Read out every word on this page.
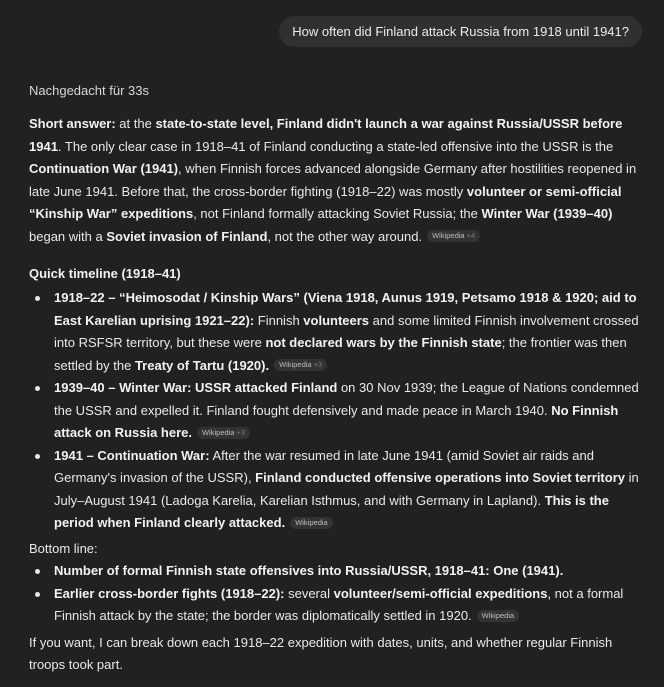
How often did Finland attack Russia from 1918 until 1941?
Nachgedacht für 33s

Short answer: at the state-to-state level, Finland didn't launch a war against Russia/USSR before 1941. The only clear case in 1918–41 of Finland conducting a state-led offensive into the USSR is the Continuation War (1941), when Finnish forces advanced alongside Germany after hostilities reopened in late June 1941. Before that, the cross-border fighting (1918–22) was mostly volunteer or semi-official “Kinship War” expeditions, not Finland formally attacking Soviet Russia; the Winter War (1939–40) began with a Soviet invasion of Finland, not the other way around. Wikipedia +4

Quick timeline (1918–41)
1918–22 – “Heimosodat / Kinship Wars” (Viena 1918, Aunus 1919, Petsamo 1918 & 1920; aid to East Karelian uprising 1921–22): Finnish volunteers and some limited Finnish involvement crossed into RSFSR territory, but these were not declared wars by the Finnish state; the frontier was then settled by the Treaty of Tartu (1920). Wikipedia +3
1939–40 – Winter War: USSR attacked Finland on 30 Nov 1939; the League of Nations condemned the USSR and expelled it. Finland fought defensively and made peace in March 1940. No Finnish attack on Russia here. Wikipedia +3
1941 – Continuation War: After the war resumed in late June 1941 (amid Soviet air raids and Germany's invasion of the USSR), Finland conducted offensive operations into Soviet territory in July–August 1941 (Ladoga Karelia, Karelian Isthmus, and with Germany in Lapland). This is the period when Finland clearly attacked. Wikipedia

Bottom line:

Number of formal Finnish state offensives into Russia/USSR, 1918–41: One (1941).
Earlier cross-border fights (1918–22): several volunteer/semi-official expeditions, not a formal Finnish attack by the state; the border was diplomatically settled in 1920. Wikipedia

If you want, I can break down each 1918–22 expedition with dates, units, and whether regular Finnish troops took part.
